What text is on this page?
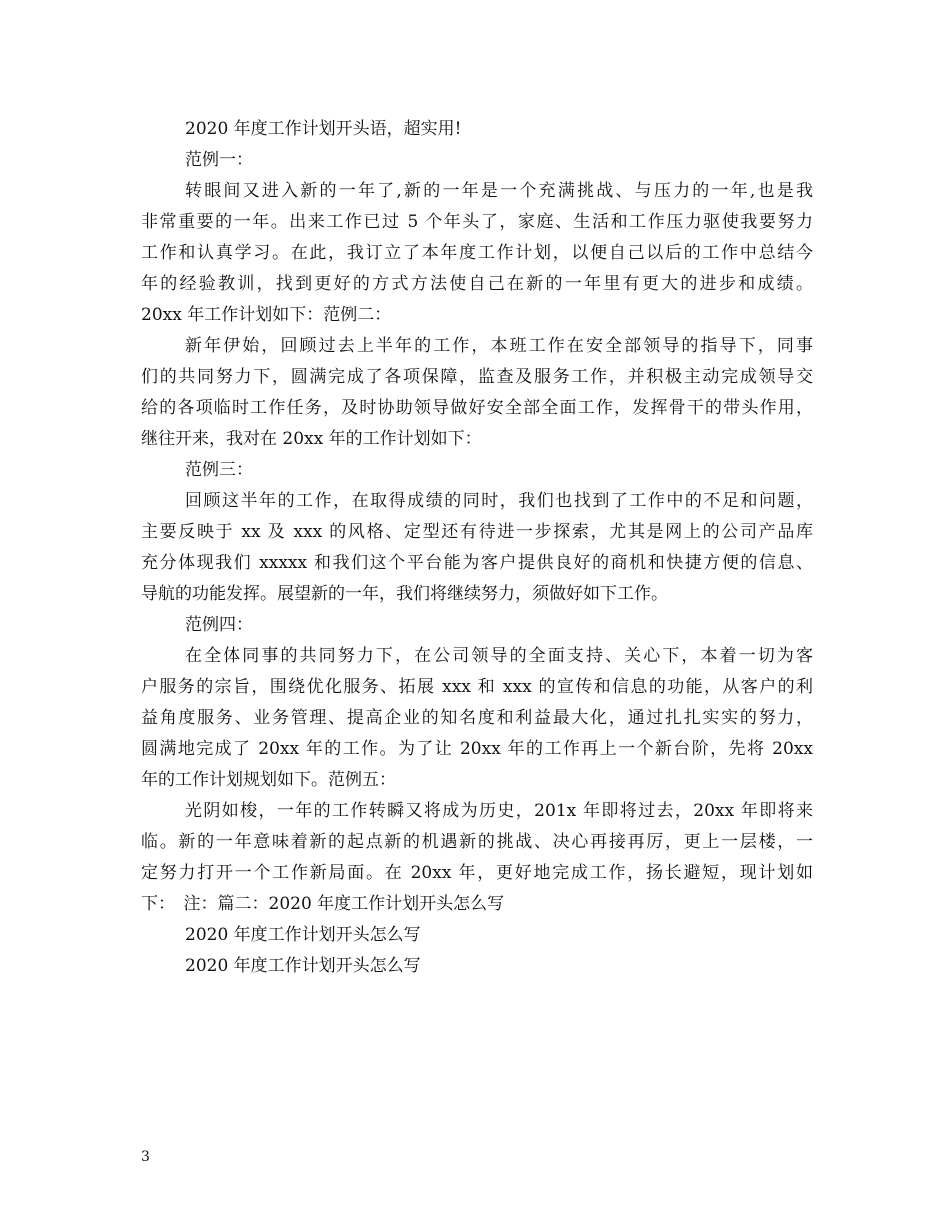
2020 年度工作计划开头语，超实用!
范例一：
转眼间又进入新的一年了,新的一年是一个充满挑战、与压力的一年,也是我
非常重要的一年。出来工作已过 5 个年头了，家庭、生活和工作压力驱使我要努力
工作和认真学习。在此，我订立了本年度工作计划，以便自己以后的工作中总结今
年的经验教训，找到更好的方式方法使自己在新的一年里有更大的进步和成绩。
20xx 年工作计划如下：范例二：
新年伊始，回顾过去上半年的工作，本班工作在安全部领导的指导下，同事
们的共同努力下，圆满完成了各项保障，监查及服务工作，并积极主动完成领导交
给的各项临时工作任务，及时协助领导做好安全部全面工作，发挥骨干的带头作用，
继往开来，我对在 20xx 年的工作计划如下：
范例三：
回顾这半年的工作，在取得成绩的同时，我们也找到了工作中的不足和问题，
主要反映于 xx 及 xxx 的风格、定型还有待进一步探索，尤其是网上的公司产品库
充分体现我们 xxxxx 和我们这个平台能为客户提供良好的商机和快捷方便的信息、
导航的功能发挥。展望新的一年，我们将继续努力，须做好如下工作。
范例四：
在全体同事的共同努力下，在公司领导的全面支持、关心下，本着一切为客
户服务的宗旨，围绕优化服务、拓展 xxx 和 xxx 的宣传和信息的功能，从客户的利
益角度服务、业务管理、提高企业的知名度和利益最大化，通过扎扎实实的努力，
圆满地完成了 20xx 年的工作。为了让 20xx 年的工作再上一个新台阶，先将 20xx
年的工作计划规划如下。范例五：
光阴如梭，一年的工作转瞬又将成为历史，201x 年即将过去，20xx 年即将来
临。新的一年意味着新的起点新的机遇新的挑战、决心再接再厉，更上一层楼，一
定努力打开一个工作新局面。在 20xx 年，更好地完成工作，扬长避短，现计划如
下：　注：篇二：2020 年度工作计划开头怎么写
2020 年度工作计划开头怎么写
2020 年度工作计划开头怎么写
3
